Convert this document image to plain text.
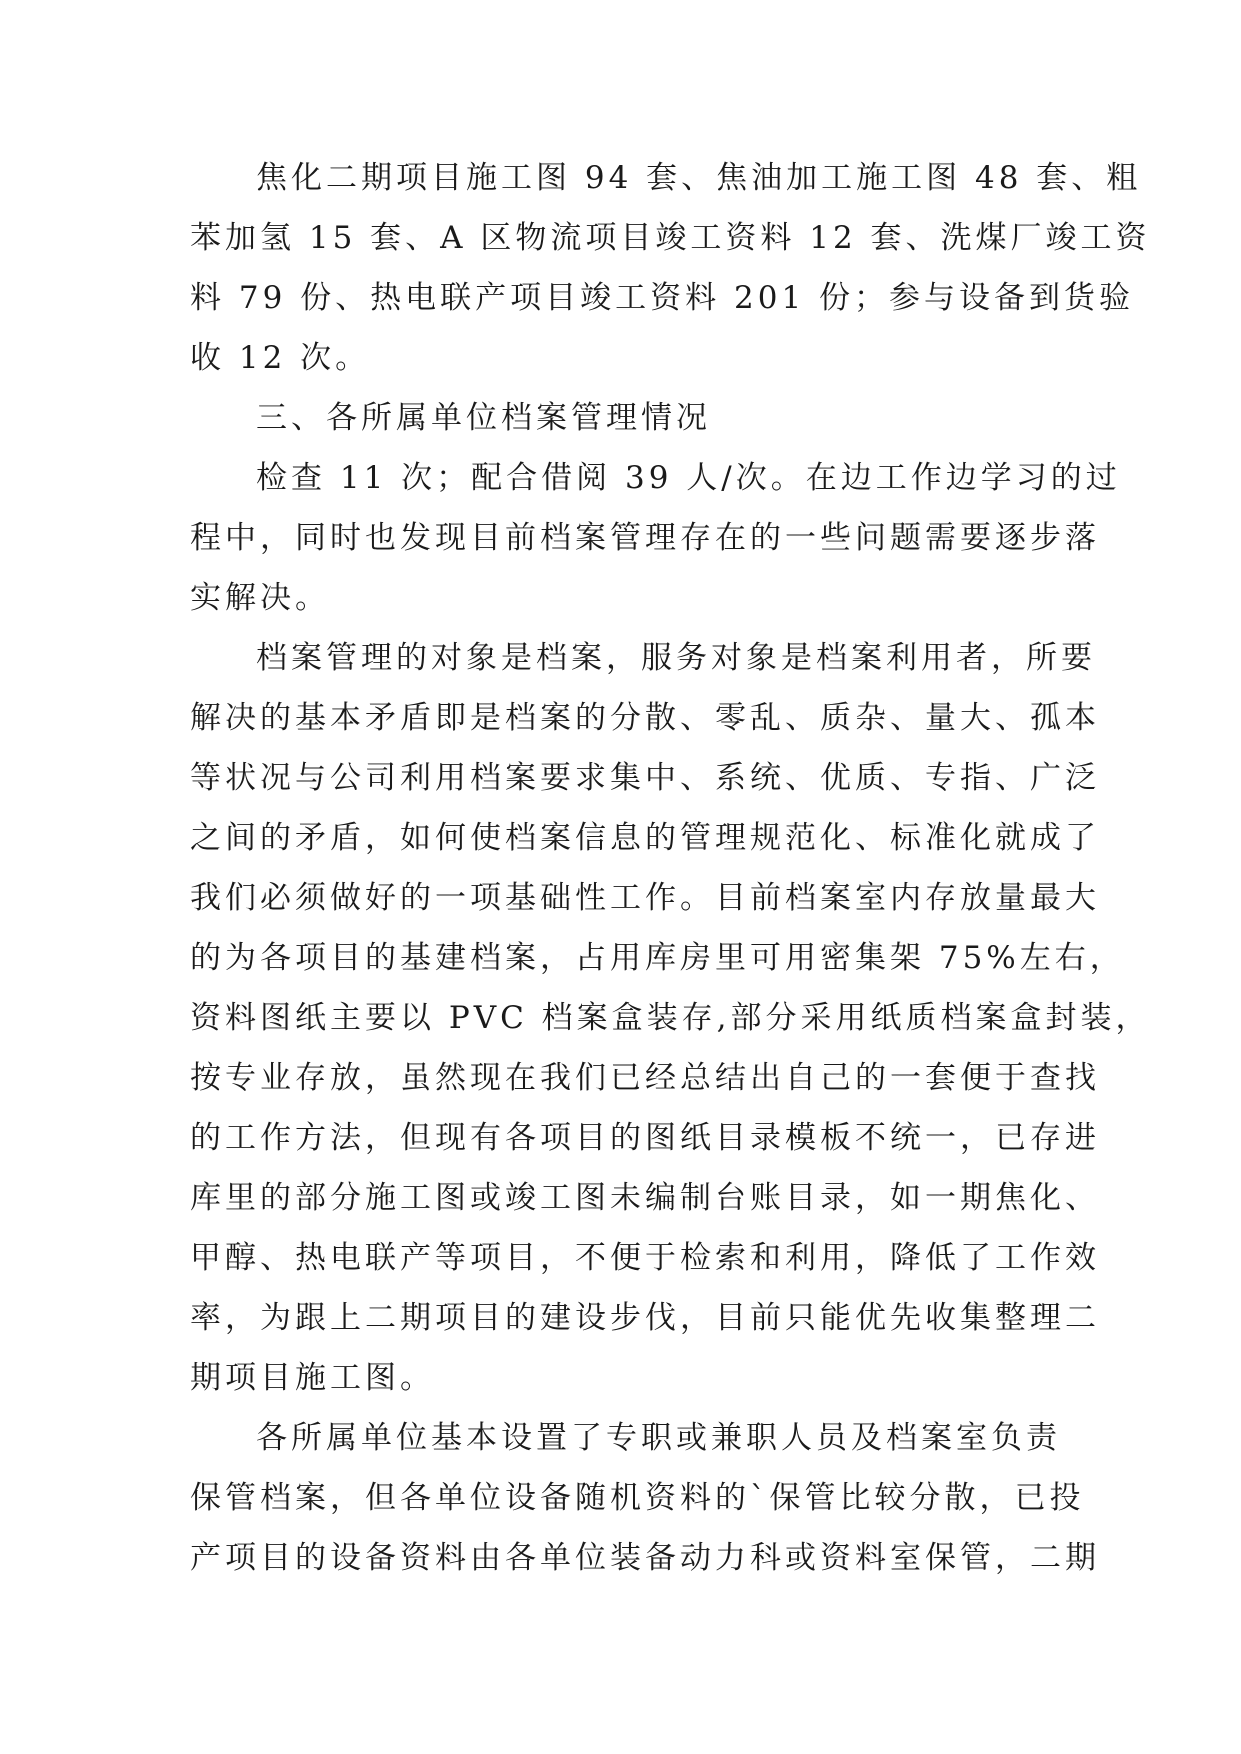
焦化二期项目施工图 94 套、焦油加工施工图 48 套、粗
苯加氢 15 套、A 区物流项目竣工资料 12 套、洗煤厂竣工资
料 79 份、热电联产项目竣工资料 201 份；参与设备到货验
收 12 次。
三、各所属单位档案管理情况
检查 11 次；配合借阅 39 人/次。在边工作边学习的过
程中，同时也发现目前档案管理存在的一些问题需要逐步落
实解决。
档案管理的对象是档案，服务对象是档案利用者，所要
解决的基本矛盾即是档案的分散、零乱、质杂、量大、孤本
等状况与公司利用档案要求集中、系统、优质、专指、广泛
之间的矛盾，如何使档案信息的管理规范化、标准化就成了
我们必须做好的一项基础性工作。目前档案室内存放量最大
的为各项目的基建档案，占用库房里可用密集架 75%左右，
资料图纸主要以 PVC 档案盒装存,部分采用纸质档案盒封装，
按专业存放，虽然现在我们已经总结出自己的一套便于查找
的工作方法，但现有各项目的图纸目录模板不统一，已存进
库里的部分施工图或竣工图未编制台账目录，如一期焦化、
甲醇、热电联产等项目，不便于检索和利用，降低了工作效
率，为跟上二期项目的建设步伐，目前只能优先收集整理二
期项目施工图。
各所属单位基本设置了专职或兼职人员及档案室负责
保管档案，但各单位设备随机资料的`保管比较分散，已投
产项目的设备资料由各单位装备动力科或资料室保管，二期
